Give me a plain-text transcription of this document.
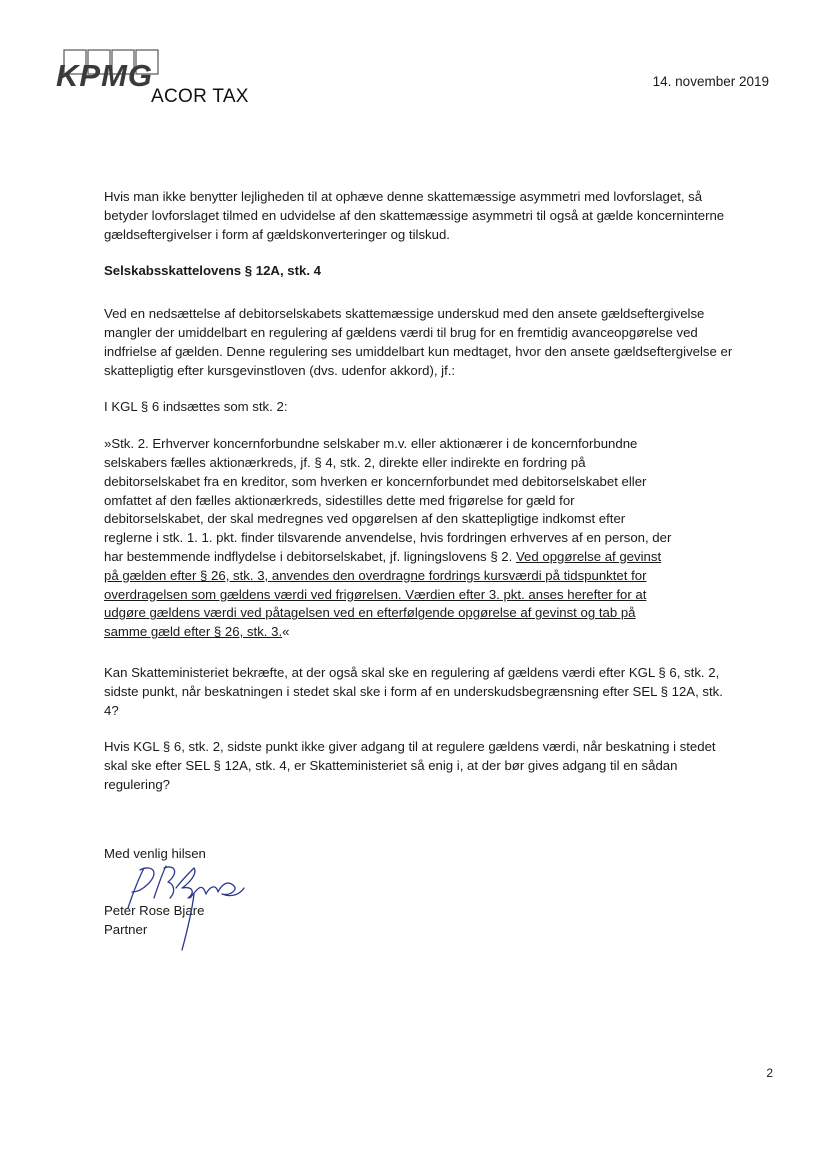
KPMG
ACOR TAX
14. november 2019

Hvis man ikke benytter lejligheden til at ophæve denne skattemæssige asymmetri med lovforslaget, så betyder lovforslaget tilmed en udvidelse af den skattemæssige asymmetri til også at gælde koncerninterne gældseftergivelser i form af gældskonverteringer og tilskud.

Selskabsskattelovens § 12A, stk. 4

Ved en nedsættelse af debitorselskabets skattemæssige underskud med den ansete gældseftergivelse mangler der umiddelbart en regulering af gældens værdi til brug for en fremtidig avanceopgørelse ved indfrielse af gælden. Denne regulering ses umiddelbart kun medtaget, hvor den ansete gældseftergivelse er skattepligtig efter kursgevinstloven (dvs. udenfor akkord), jf.:

I KGL § 6 indsættes som stk. 2:

»Stk. 2. Erhverver koncernforbundne selskaber m.v. eller aktionærer i de koncernforbundne selskabers fælles aktionærkreds, jf. § 4, stk. 2, direkte eller indirekte en fordring på debitorselskabet fra en kreditor, som hverken er koncernforbundet med debitorselskabet eller omfattet af den fælles aktionærkreds, sidestilles dette med frigørelse for gæld for debitorselskabet, der skal medregnes ved opgørelsen af den skattepligtige indkomst efter reglerne i stk. 1. 1. pkt. finder tilsvarende anvendelse, hvis fordringen erhverves af en person, der har bestemmende indflydelse i debitorselskabet, jf. ligningslovens § 2. Ved opgørelse af gevinst på gælden efter § 26, stk. 3, anvendes den overdragne fordrings kursværdi på tidspunktet for overdragelsen som gældens værdi ved frigørelsen. Værdien efter 3. pkt. anses herefter for at udgøre gældens værdi ved påtagelsen ved en efterfølgende opgørelse af gevinst og tab på samme gæld efter § 26, stk. 3.«

Kan Skatteministeriet bekræfte, at der også skal ske en regulering af gældens værdi efter KGL § 6, stk. 2, sidste punkt, når beskatningen i stedet skal ske i form af en underskudsbegrænsning efter SEL § 12A, stk. 4?

Hvis KGL § 6, stk. 2, sidste punkt ikke giver adgang til at regulere gældens værdi, når beskatning i stedet skal ske efter SEL § 12A, stk. 4, er Skatteministeriet så enig i, at der bør gives adgang til en sådan regulering?

Med venlig hilsen
Peter Rose Bjare
Partner
2
